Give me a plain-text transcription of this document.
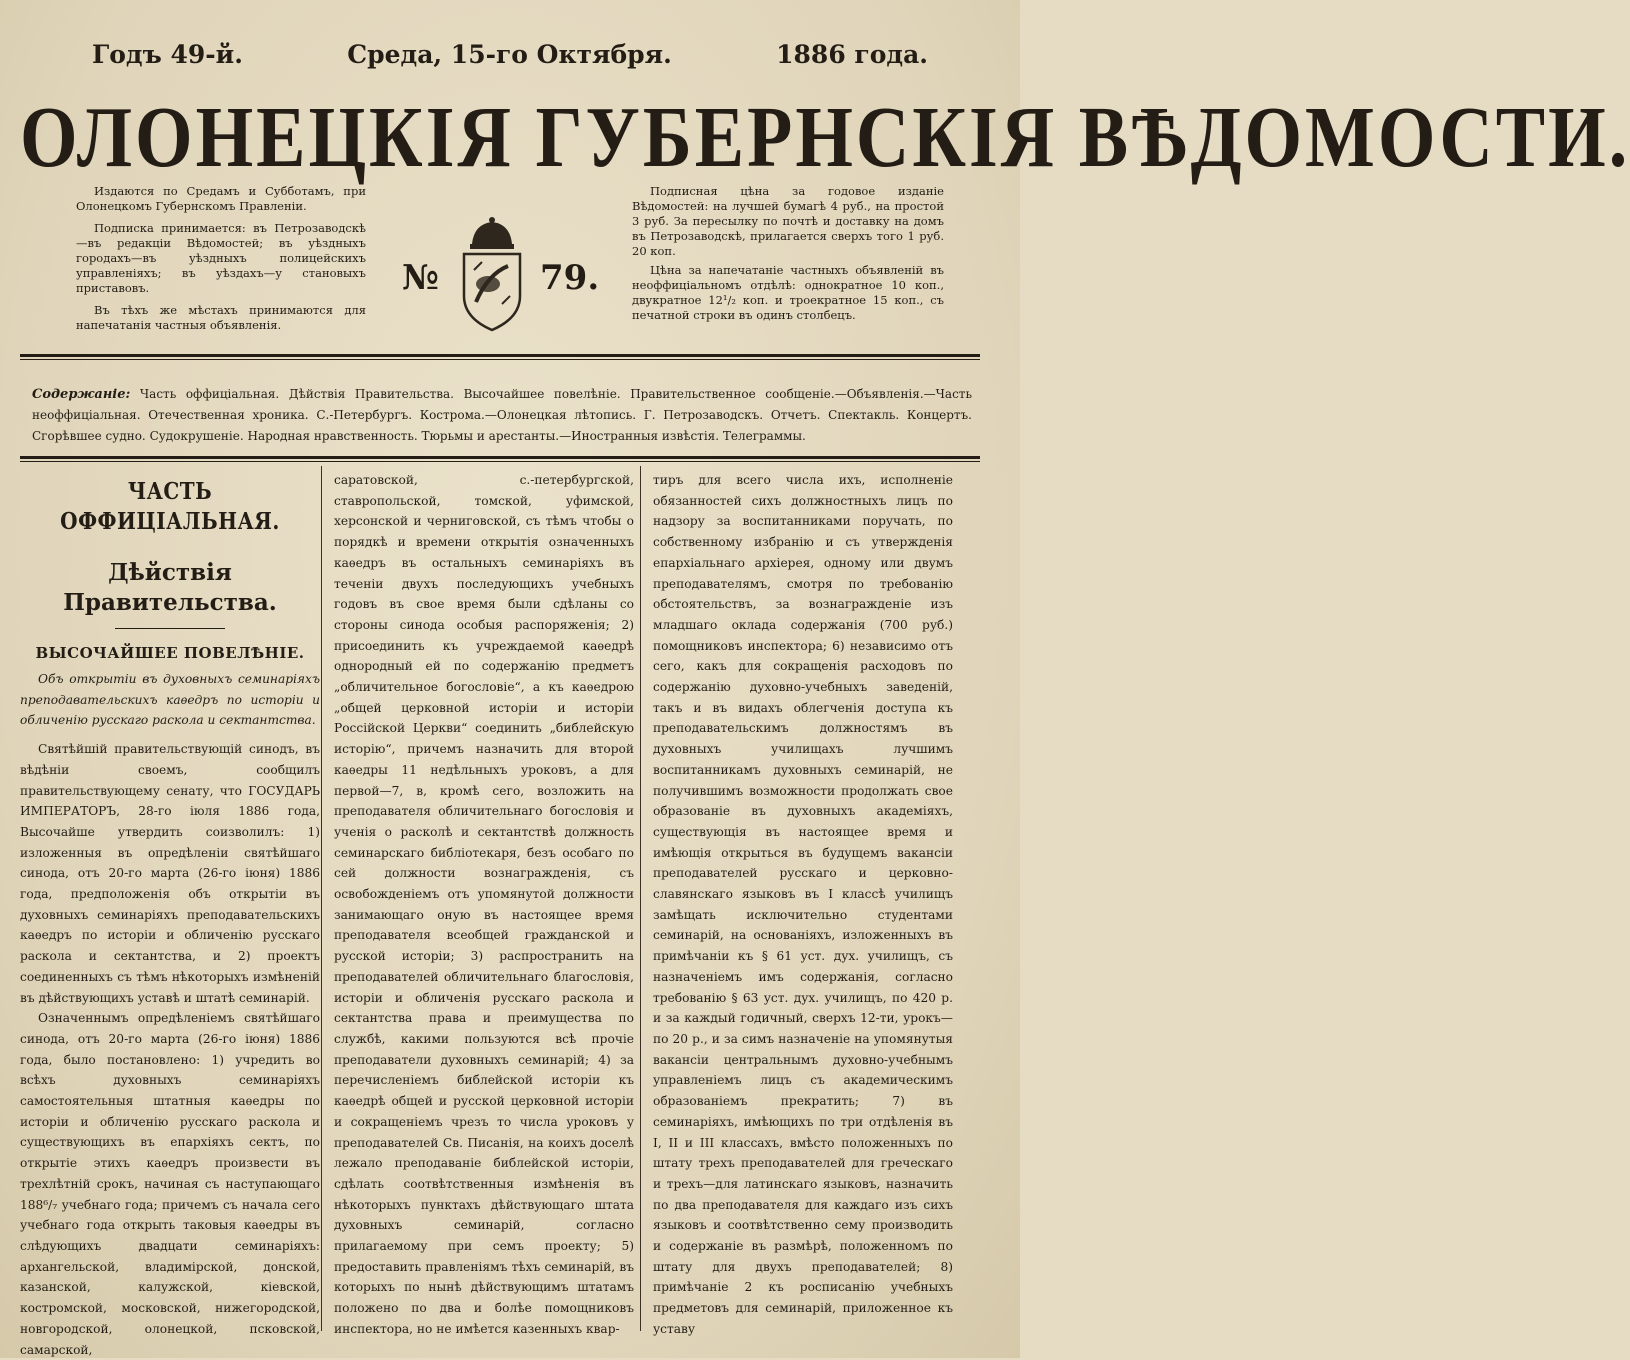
Годъ 49-й.	Среда, 15-го Октября.	1886 года.
ОЛОНЕЦКІЯ ГУБЕРНСКІЯ ВѢДОМОСТИ.

Издаются по Средамъ и Субботамъ, при Олонецкомъ Губернскомъ Правленіи.

Подписка принимается: въ Петрозаводскѣ —въ редакціи Вѣдомостей; въ уѣздныхъ городахъ—въ уѣздныхъ полицейскихъ управленіяхъ; въ уѣздахъ—у становыхъ приставовъ.

Въ тѣхъ же мѣстахъ принимаются для напечатанія частныя объявленія.

№	79.

Подписная цѣна за годовое изданіе Вѣдомостей: на лучшей бумагѣ 4 руб., на простой 3 руб. За пересылку по почтѣ и доставку на домъ въ Петрозаводскѣ, прилагается сверхъ того 1 руб. 20 коп.

Цѣна за напечатаніе частныхъ объявленій въ неоффиціальномъ отдѣлѣ: однократное 10 коп., двукратное 12¹/₂ коп. и троекратное 15 коп., съ печатной строки въ одинъ столбецъ.

Содержаніе: Часть оффиціальная. Дѣйствія Правительства. Высочайшее повелѣніе. Правительственное сообщеніе.—Объявленія.—Часть неоффиціальная. Отечественная хроника. С.-Петербургъ. Кострома.—Олонецкая лѣтопись. Г. Петрозаводскъ. Отчетъ. Спектакль. Концертъ. Сгорѣвшее судно. Судокрушеніе. Народная нравственность. Тюрьмы и арестанты.—Иностранныя извѣстія. Телеграммы.
ЧАСТЬ ОФФИЦІАЛЬНАЯ.
Дѣйствія Правительства.
ВЫСОЧАЙШЕЕ ПОВЕЛѢНІЕ.

Объ открытіи въ духовныхъ семинаріяхъ преподавательскихъ каѳедръ по исторіи и обличенію русскаго раскола и сектантства.

Святѣйшій правительствующій синодъ, въ вѣдѣніи своемъ, сообщилъ правительствующему сенату, что ГОСУДАРЬ ИМПЕРАТОРЪ, 28-го іюля 1886 года, Высочайше утвердить соизволилъ: 1) изложенныя въ опредѣленіи святѣйшаго синода, отъ 20-го марта (26-го іюня) 1886 года, предположенія объ открытіи въ духовныхъ семинаріяхъ преподавательскихъ каѳедръ по исторіи и обличенію русскаго раскола и сектантства, и 2) проектъ соединенныхъ съ тѣмъ нѣкоторыхъ измѣненій въ дѣйствующихъ уставѣ и штатѣ семинарій.

Означеннымъ опредѣленіемъ святѣйшаго синода, отъ 20-го марта (26-го іюня) 1886 года, было постановлено: 1) учредить во всѣхъ духовныхъ семинаріяхъ самостоятельныя штатныя каѳедры по исторіи и обличенію русскаго раскола и существующихъ въ епархіяхъ сектъ, по открытіе этихъ каѳедръ произвести въ трехлѣтній срокъ, начиная съ наступающаго 188⁶/₇ учебнаго года; причемъ съ начала сего учебнаго года открыть таковыя каѳедры въ слѣдующихъ двадцати семинаріяхъ: архангельской, владимірской, донской, казанской, калужской, кіевской, костромской, московской, нижегородской, новгородской, олонецкой, псковской, самарской,

саратовской, с.-петербургской, ставропольской, томской, уфимской, херсонской и черниговской, съ тѣмъ чтобы о порядкѣ и времени открытія означенныхъ каѳедръ въ остальныхъ семинаріяхъ въ теченіи двухъ последующихъ учебныхъ годовъ въ свое время были сдѣланы со стороны синода особыя распоряженія; 2) присоединить къ учреждаемой каѳедрѣ однородный ей по содержанію предметъ „обличительное богословіе“, а къ каѳедрою „общей церковной исторіи и исторіи Россійской Церкви“ соединить „библейскую исторію“, причемъ назначить для второй каѳедры 11 недѣльныхъ уроковъ, а для первой—7, в, кромѣ сего, возложить на преподавателя обличительнаго богословія и ученія о расколѣ и сектантствѣ должность семинарскаго библіотекаря, безъ особаго по сей должности вознагражденія, съ освобожденіемъ отъ упомянутой должности занимающаго оную въ настоящее время преподавателя всеобщей гражданской и русской исторіи; 3) распространить на преподавателей обличительнаго благословія, исторіи и обличенія русскаго раскола и сектантства права и преимущества по службѣ, какими пользуются всѣ прочіе преподаватели духовныхъ семинарій; 4) за перечисленіемъ библейской исторіи къ каѳедрѣ общей и русской церковной исторіи и сокращеніемъ чрезъ то числа уроковъ у преподавателей Св. Писанія, на коихъ доселѣ лежало преподаваніе библейской исторіи, сдѣлать соотвѣтственныя измѣненія въ нѣкоторыхъ пунктахъ дѣйствующаго штата духовныхъ семинарій, согласно прилагаемому при семъ проекту; 5) предоставить правленіямъ тѣхъ семинарій, въ которыхъ по нынѣ дѣйствующимъ штатамъ положено по два и болѣе помощниковъ инспектора, но не имѣется казенныхъ квар-

тиръ для всего числа ихъ, исполненіе обязанностей сихъ должностныхъ лицъ по надзору за воспитанниками поручать, по собственному избранію и съ утвержденія епархіальнаго архіерея, одному или двумъ преподавателямъ, смотря по требованію обстоятельствъ, за вознагражденіе изъ младшаго оклада содержанія (700 руб.) помощниковъ инспектора; 6) независимо отъ сего, какъ для сокращенія расходовъ по содержанію духовно-учебныхъ заведеній, такъ и въ видахъ облегченія доступа къ преподавательскимъ должностямъ въ духовныхъ училищахъ лучшимъ воспитанникамъ духовныхъ семинарій, не получившимъ возможности продолжать свое образованіе въ духовныхъ академіяхъ, существующія въ настоящее время и имѣющія открыться въ будущемъ вакансіи преподавателей русскаго и церковно-славянскаго языковъ въ I классѣ училищъ замѣщать исключительно студентами семинарій, на основаніяхъ, изложенныхъ въ примѣчаніи къ § 61 уст. дух. училищъ, съ назначеніемъ имъ содержанія, согласно требованію § 63 уст. дух. училищъ, по 420 р. и за каждый годичный, сверхъ 12-ти, урокъ—по 20 р., и за симъ назначеніе на упомянутыя вакансіи центральнымъ духовно-учебнымъ управленіемъ лицъ съ академическимъ образованіемъ прекратить; 7) въ семинаріяхъ, имѣющихъ по три отдѣленія въ I, II и III классахъ, вмѣсто положенныхъ по штату трехъ преподавателей для греческаго и трехъ—для латинскаго языковъ, назначить по два преподавателя для каждаго изъ сихъ языковъ и соотвѣтственно сему производить и содержаніе въ размѣрѣ, положенномъ по штату для двухъ преподавателей; 8) примѣчаніе 2 къ росписанію учебныхъ предметовъ для семинарій, приложенное къ уставу
